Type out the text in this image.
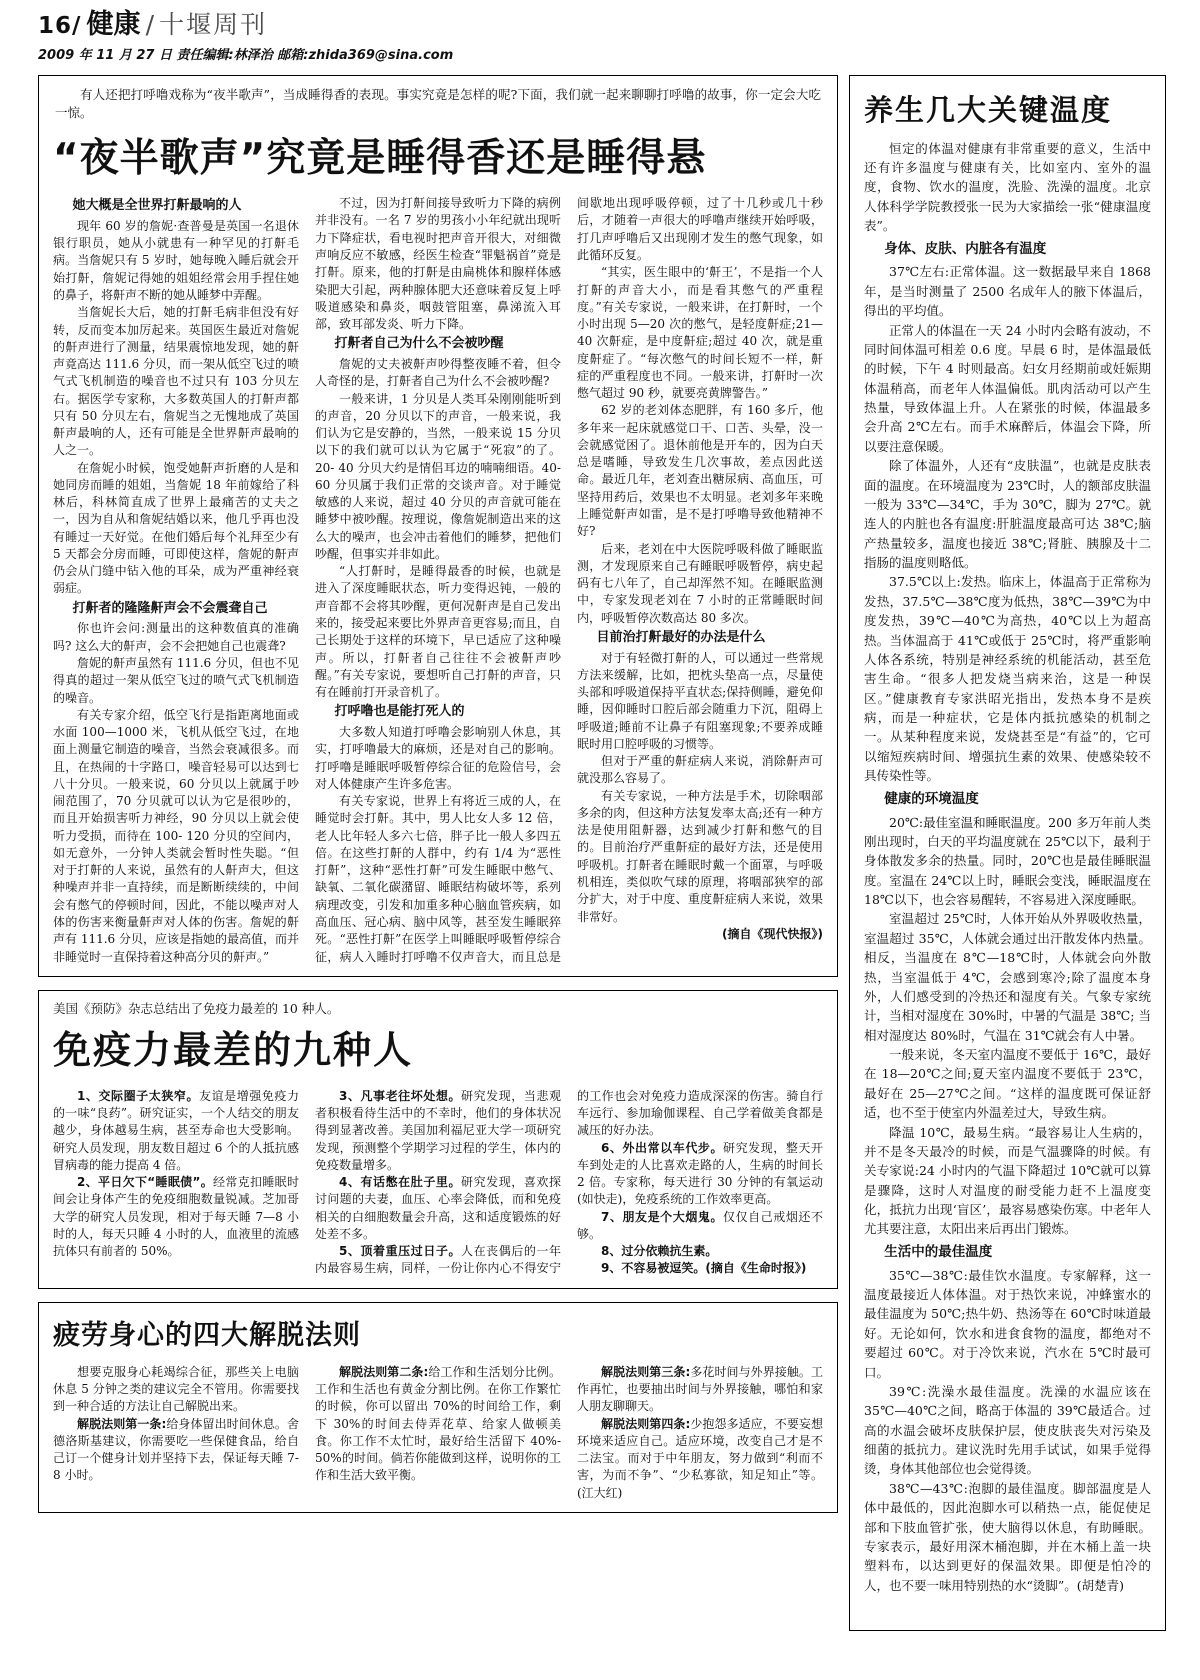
16/ 健康 / 十堰周刊
2009 年 11 月 27 日 责任编辑:林泽治 邮箱:zhida369@sina.com

有人还把打呼噜戏称为“夜半歌声”，当成睡得香的表现。事实究竟是怎样的呢?下面，我们就一起来聊聊打呼噜的故事，你一定会大吃一惊。

“夜半歌声”究竟是睡得香还是睡得悬
她大概是全世界打鼾最响的人

现年 60 岁的詹妮·查普曼是英国一名退休银行职员，她从小就患有一种罕见的打鼾毛病。当詹妮只有 5 岁时，她每晚入睡后就会开始打鼾，詹妮记得她的姐姐经常会用手捏住她的鼻子，将鼾声不断的她从睡梦中弄醒。

当詹妮长大后，她的打鼾毛病非但没有好转，反而变本加厉起来。英国医生最近对詹妮的鼾声进行了测量，结果震惊地发现，她的鼾声竟高达 111.6 分贝，而一架从低空飞过的喷气式飞机制造的噪音也不过只有 103 分贝左右。据医学专家称，大多数英国人的打鼾声都只有 50 分贝左右，詹妮当之无愧地成了英国鼾声最响的人，还有可能是全世界鼾声最响的人之一。

在詹妮小时候，饱受她鼾声折磨的人是和她同房而睡的姐姐，当詹妮 18 年前嫁给了科林后，科林简直成了世界上最痛苦的丈夫之一，因为自从和詹妮结婚以来，他几乎再也没有睡过一天好觉。在他们婚后每个礼拜至少有 5 天都会分房而睡，可即使这样，詹妮的鼾声仍会从门缝中钻入他的耳朵，成为严重神经衰弱症。

打鼾者的隆隆鼾声会不会震聋自己

你也许会问:测量出的这种数值真的准确吗? 这么大的鼾声，会不会把她自己也震聋?

詹妮的鼾声虽然有 111.6 分贝，但也不见得真的超过一架从低空飞过的喷气式飞机制造的噪音。

有关专家介绍，低空飞行是指距离地面或水面 100—1000 米，飞机从低空飞过，在地面上测量它制造的噪音，当然会衰减很多。而且，在热闹的十字路口，噪音轻易可以达到七八十分贝。一般来说，60 分贝以上就属于吵闹范围了，70 分贝就可以认为它是很吵的，而且开始损害听力神经，90 分贝以上就会使听力受损，而待在 100- 120 分贝的空间内，如无意外，一分钟人类就会暂时性失聪。“但对于打鼾的人来说，虽然有的人鼾声大，但这种噪声并非一直持续，而是断断续续的，中间会有憋气的停顿时间，因此，不能以噪声对人体的伤害来衡量鼾声对人体的伤害。詹妮的鼾声有 111.6 分贝，应该是指她的最高值，而并非睡觉时一直保持着这种高分贝的鼾声。”

不过，因为打鼾间接导致听力下降的病例并非没有。一名 7 岁的男孩小小年纪就出现听力下降症状，看电视时把声音开很大，对细微声响反应不敏感，经医生检查“罪魁祸首”竟是打鼾。原来，他的打鼾是由扁桃体和腺样体感染肥大引起，两种腺体肥大还意味着反复上呼吸道感染和鼻炎，咽鼓管阻塞，鼻涕流入耳部，致耳部发炎、听力下降。

打鼾者自己为什么不会被吵醒

詹妮的丈夫被鼾声吵得整夜睡不着，但令人奇怪的是，打鼾者自己为什么不会被吵醒?

一般来讲，1 分贝是人类耳朵刚刚能听到的声音，20 分贝以下的声音，一般来说，我们认为它是安静的，当然，一般来说 15 分贝以下的我们就可以认为它属于“死寂”的了。20- 40 分贝大约是情侣耳边的喃喃细语。40- 60 分贝属于我们正常的交谈声音。对于睡觉敏感的人来说，超过 40 分贝的声音就可能在睡梦中被吵醒。按理说，像詹妮制造出来的这么大的噪声，也会冲击着他们的睡梦，把他们吵醒，但事实并非如此。

“人打鼾时，是睡得最香的时候，也就是进入了深度睡眠状态，听力变得迟钝，一般的声音都不会将其吵醒，更何况鼾声是自己发出来的，接受起来要比外界声音更容易;而且，自己长期处于这样的环境下，早已适应了这种噪声。所以，打鼾者自己往往不会被鼾声吵醒。”有关专家说，要想听自己打鼾的声音，只有在睡前打开录音机了。

打呼噜也是能打死人的

大多数人知道打呼噜会影响别人休息，其实，打呼噜最大的麻烦，还是对自己的影响。打呼噜是睡眠呼吸暂停综合征的危险信号，会对人体健康产生许多危害。

有关专家说，世界上有将近三成的人，在睡觉时会打鼾。其中，男人比女人多 12 倍，老人比年轻人多六七倍，胖子比一般人多四五倍。在这些打鼾的人群中，约有 1/4 为“恶性打鼾”，这种“恶性打鼾”可发生睡眠中憋气、缺氧、二氧化碳潴留、睡眠结构破坏等，系列病理改变，引发和加重多种心脑血管疾病，如高血压、冠心病、脑中风等，甚至发生睡眠猝死。“恶性打鼾”在医学上叫睡眠呼吸暂停综合征，病人入睡时打呼噜不仅声音大，而且总是间歇地出现呼吸停顿，过了十几秒或几十秒后，才随着一声很大的呼噜声继续开始呼吸，打几声呼噜后又出现刚才发生的憋气现象，如此循环反复。

“其实，医生眼中的‘鼾王’，不是指一个人打鼾的声音大小，而是看其憋气的严重程度。”有关专家说，一般来讲，在打鼾时，一个小时出现 5—20 次的憋气，是轻度鼾症;21—40 次鼾症，是中度鼾症;超过 40 次，就是重度鼾症了。“每次憋气的时间长短不一样，鼾症的严重程度也不同。一般来讲，打鼾时一次憋气超过 90 秒，就要亮黄牌警告。”

62 岁的老刘体态肥胖，有 160 多斤，他多年来一起床就感觉口干、口苦、头晕，没一会就感觉困了。退休前他是开车的，因为白天总是嗜睡，导致发生几次事故，差点因此送命。最近几年，老刘查出糖尿病、高血压，可坚持用药后，效果也不太明显。老刘多年来晚上睡觉鼾声如雷，是不是打呼噜导致他精神不好?

后来，老刘在中大医院呼吸科做了睡眠监测，才发现原来自己有睡眠呼吸暂停，病史起码有七八年了，自己却浑然不知。在睡眠监测中，专家发现老刘在 7 小时的正常睡眠时间内，呼吸暂停次数高达 80 多次。

目前治打鼾最好的办法是什么

对于有轻微打鼾的人，可以通过一些常规方法来缓解，比如，把枕头垫高一点，尽量使头部和呼吸道保持平直状态;保持侧睡，避免仰睡，因仰睡时口腔后部会随重力下沉，阻碍上呼吸道;睡前不让鼻子有阻塞现象;不要养成睡眠时用口腔呼吸的习惯等。

但对于严重的鼾症病人来说，消除鼾声可就没那么容易了。

有关专家说，一种方法是手术，切除咽部多余的肉，但这种方法复发率太高;还有一种方法是使用阻鼾器，达到减少打鼾和憋气的目的。目前治疗严重鼾症的最好方法，还是使用呼吸机。打鼾者在睡眠时戴一个面罩，与呼吸机相连，类似吹气球的原理，将咽部狭窄的部分扩大，对于中度、重度鼾症病人来说，效果非常好。

(摘自《现代快报》)

美国《预防》杂志总结出了免疫力最差的 10 种人。

免疫力最差的九种人

1、交际圈子太狭窄。友谊是增强免疫力的一味“良药”。研究证实，一个人结交的朋友越少，身体越易生病，甚至寿命也大受影响。研究人员发现，朋友数目超过 6 个的人抵抗感冒病毒的能力提高 4 倍。

2、平日欠下“睡眠债”。经常克扣睡眠时间会让身体产生的免疫细胞数量锐减。芝加哥大学的研究人员发现，相对于每天睡 7—8 小时的人，每天只睡 4 小时的人，血液里的流感抗体只有前者的 50%。

3、凡事老往坏处想。研究发现，当悲观者积极看待生活中的不幸时，他们的身体状况得到显著改善。美国加利福尼亚大学一项研究发现，预测整个学期学习过程的学生，体内的免疫数量增多。

4、有话憋在肚子里。研究发现，喜欢探讨问题的夫妻，血压、心率会降低，而和免疫相关的白细胞数量会升高，这和适度锻炼的好处差不多。

5、顶着重压过日子。人在丧偶后的一年内最容易生病，同样，一份让你内心不得安宁的工作也会对免疫力造成深深的伤害。骑自行车远行、参加瑜伽课程、自己学着做美食都是减压的好办法。

6、外出常以车代步。研究发现，整天开车到处走的人比喜欢走路的人，生病的时间长 2 倍。专家称，每天进行 30 分钟的有氧运动(如快走)，免疫系统的工作效率更高。

7、朋友是个大烟鬼。仅仅自己戒烟还不够。

8、过分依赖抗生素。

9、不容易被逗笑。(摘自《生命时报》)

疲劳身心的四大解脱法则

想要克服身心耗竭综合征，那些关上电脑休息 5 分钟之类的建议完全不管用。你需要找到一种合适的方法让自己解脱出来。

解脱法则第一条:给身体留出时间休息。舍德洛斯基建议，你需要吃一些保健食品，给自己订一个健身计划并坚持下去，保证每天睡 7- 8 小时。

解脱法则第二条:给工作和生活划分比例。工作和生活也有黄金分割比例。在你工作繁忙的时候，你可以留出 70%的时间给工作，剩下 30%的时间去侍弄花草、给家人做顿美食。你工作不太忙时，最好给生活留下 40%- 50%的时间。倘若你能做到这样，说明你的工作和生活大致平衡。

解脱法则第三条:多花时间与外界接触。工作再忙，也要抽出时间与外界接触，哪怕和家人朋友聊聊天。

解脱法则第四条:少抱怨多适应，不要妄想环境来适应自己。适应环境，改变自己才是不二法宝。而对于中年朋友，努力做到“利而不害，为而不争”、“少私寡欲，知足知止”等。(江大红)

养生几大关键温度

恒定的体温对健康有非常重要的意义，生活中还有许多温度与健康有关，比如室内、室外的温度，食物、饮水的温度，洗脸、洗澡的温度。北京人体科学学院教授张一民为大家描绘一张“健康温度表”。

身体、皮肤、内脏各有温度

37℃左右:正常体温。这一数据最早来自 1868 年，是当时测量了 2500 名成年人的腋下体温后，得出的平均值。

正常人的体温在一天 24 小时内会略有波动，不同时间体温可相差 0.6 度。早晨 6 时，是体温最低的时候，下午 4 时则最高。妇女月经期前或妊娠期体温稍高，而老年人体温偏低。肌肉活动可以产生热量，导致体温上升。人在紧张的时候，体温最多会升高 2℃左右。而手术麻醉后，体温会下降，所以要注意保暖。

除了体温外，人还有“皮肤温”，也就是皮肤表面的温度。在环境温度为 23℃时，人的额部皮肤温一般为 33℃—34℃，手为 30℃，脚为 27℃。就连人的内脏也各有温度:肝脏温度最高可达 38℃;脑产热量较多，温度也接近 38℃;肾脏、胰腺及十二指肠的温度则略低。

37.5℃以上:发热。临床上，体温高于正常称为发热，37.5℃—38℃度为低热，38℃—39℃为中度发热，39℃—40℃为高热，40℃以上为超高热。当体温高于 41℃或低于 25℃时，将严重影响人体各系统，特别是神经系统的机能活动，甚至危害生命。“很多人把发烧当病来治，这是一种误区。”健康教育专家洪昭光指出，发热本身不是疾病，而是一种症状，它是体内抵抗感染的机制之一。从某种程度来说，发烧甚至是“有益”的，它可以缩短疾病时间、增强抗生素的效果、使感染较不具传染性等。

健康的环境温度

20℃:最佳室温和睡眠温度。200 多万年前人类刚出现时，白天的平均温度就在 25℃以下，最利于身体散发多余的热量。同时，20℃也是最佳睡眠温度。室温在 24℃以上时，睡眠会变浅，睡眠温度在 18℃以下，也会容易醒转，不容易进入深度睡眠。

室温超过 25℃时，人体开始从外界吸收热量，室温超过 35℃，人体就会通过出汗散发体内热量。相反，当温度在 8℃—18℃时，人体就会向外散热，当室温低于 4℃，会感到寒冷;除了温度本身外，人们感受到的冷热还和湿度有关。气象专家统计，当相对湿度在 30%时，中暑的气温是 38℃; 当相对湿度达 80%时，气温在 31℃就会有人中暑。

一般来说，冬天室内温度不要低于 16℃，最好在 18—20℃之间;夏天室内温度不要低于 23℃，最好在 25—27℃之间。“这样的温度既可保证舒适，也不至于使室内外温差过大，导致生病。

降温 10℃，最易生病。“最容易让人生病的，并不是冬天最冷的时候，而是气温骤降的时候。有关专家说:24 小时内的气温下降超过 10℃就可以算是骤降，这时人对温度的耐受能力赶不上温度变化，抵抗力出现‘盲区’，最容易感染伤寒。中老年人尤其要注意，太阳出来后再出门锻炼。

生活中的最佳温度

35℃—38℃:最佳饮水温度。专家解释，这一温度最接近人体体温。对于热饮来说，冲蜂蜜水的最佳温度为 50℃;热牛奶、热汤等在 60℃时味道最好。无论如何，饮水和进食食物的温度，都绝对不要超过 60℃。对于冷饮来说，汽水在 5℃时最可口。

39℃:洗澡水最佳温度。洗澡的水温应该在 35℃—40℃之间，略高于体温的 39℃最适合。过高的水温会破坏皮肤保护层，使皮肤丧失对污染及细菌的抵抗力。建议洗时先用手试试，如果手觉得烫，身体其他部位也会觉得烫。

38℃—43℃:泡脚的最佳温度。脚部温度是人体中最低的，因此泡脚水可以稍热一点，能促使足部和下肢血管扩张，使大脑得以休息，有助睡眠。专家表示，最好用深木桶泡脚，并在木桶上盖一块塑料布，以达到更好的保温效果。即便是怕冷的人，也不要一味用特别热的水“烫脚”。(胡楚青)
